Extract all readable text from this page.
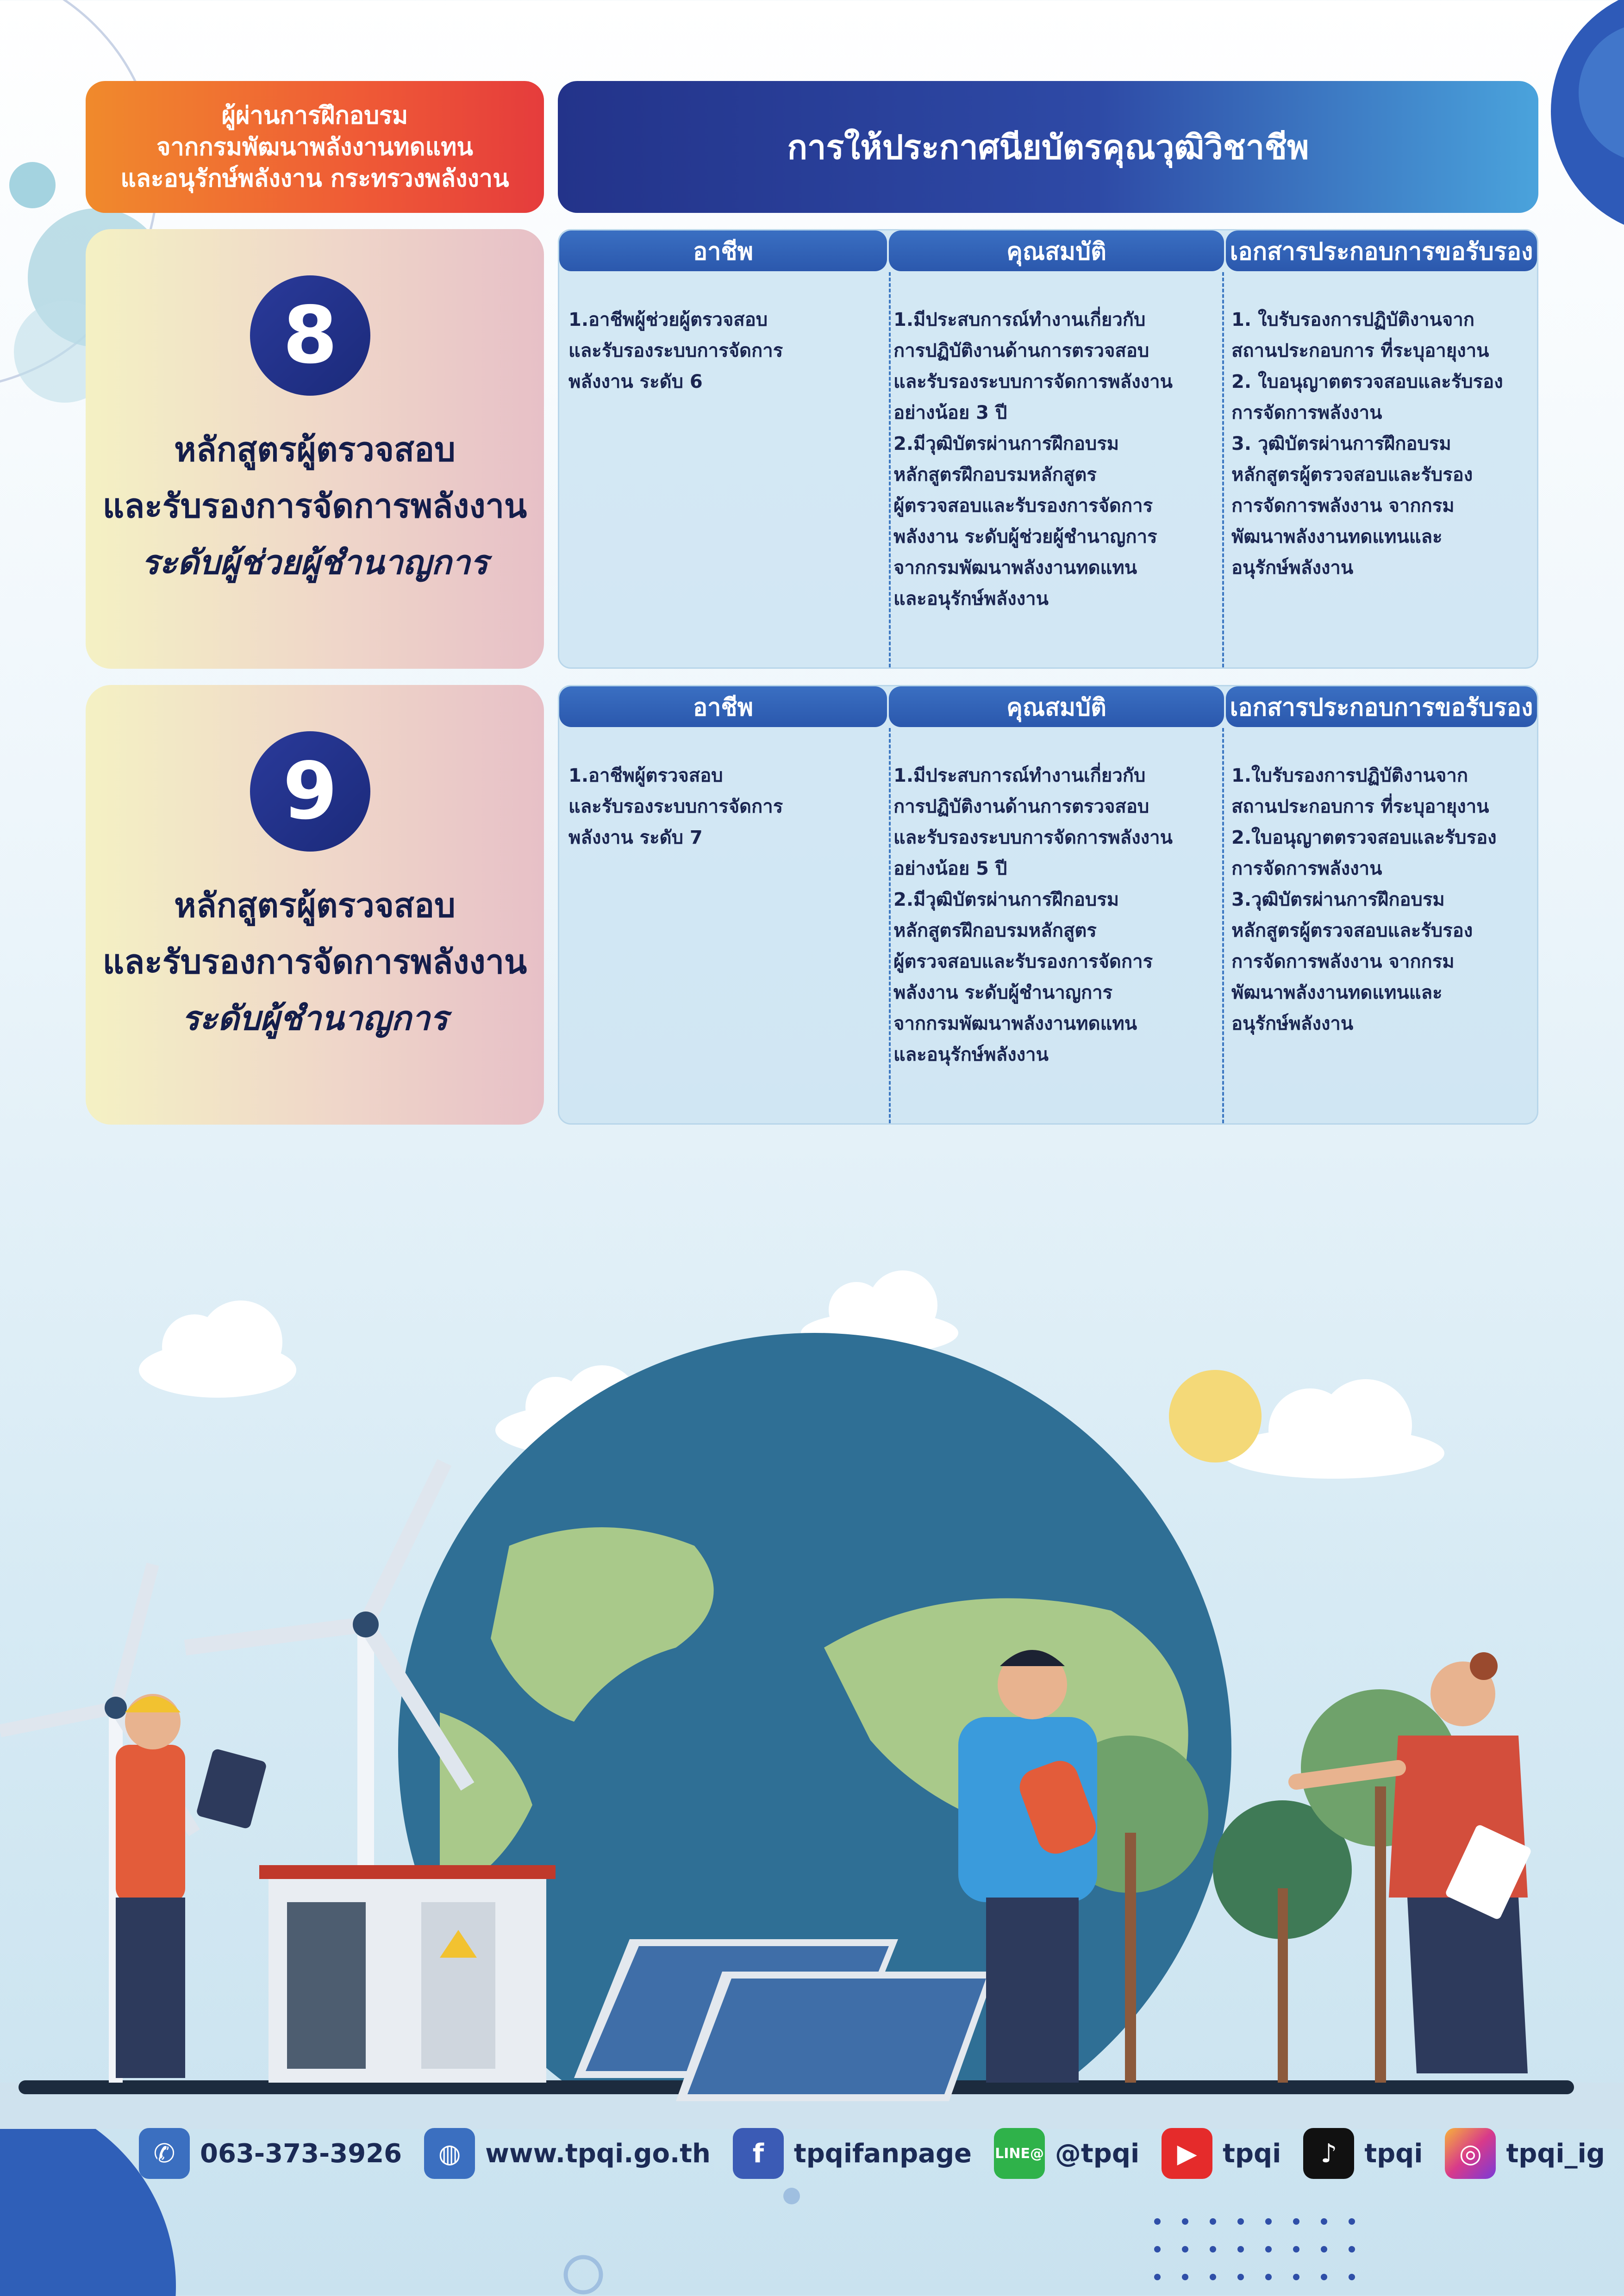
ผู้ผ่านการฝึกอบรม
จากกรมพัฒนาพลังงานทดแทน
และอนุรักษ์พลังงาน กระทรวงพลังงาน
การให้ประกาศนียบัตรคุณวุฒิวิชาชีพ
8
หลักสูตรผู้ตรวจสอบ
และรับรองการจัดการพลังงาน
ระดับผู้ช่วยผู้ชำนาญการ
อาชีพ	คุณสมบัติ	เอกสารประกอบการขอรับรอง
1.อาชีพผู้ช่วยผู้ตรวจสอบ
และรับรองระบบการจัดการ
พลังงาน ระดับ 6
1.มีประสบการณ์ทำงานเกี่ยวกับ
การปฏิบัติงานด้านการตรวจสอบ
และรับรองระบบการจัดการพลังงาน
อย่างน้อย 3 ปี
2.มีวุฒิบัตรผ่านการฝึกอบรม
หลักสูตรฝึกอบรมหลักสูตร
ผู้ตรวจสอบและรับรองการจัดการ
พลังงาน ระดับผู้ช่วยผู้ชำนาญการ
จากกรมพัฒนาพลังงานทดแทน
และอนุรักษ์พลังงาน
1. ใบรับรองการปฏิบัติงานจาก
สถานประกอบการ ที่ระบุอายุงาน
2. ใบอนุญาตตรวจสอบและรับรอง
การจัดการพลังงาน
3. วุฒิบัตรผ่านการฝึกอบรม
หลักสูตรผู้ตรวจสอบและรับรอง
การจัดการพลังงาน จากกรม
พัฒนาพลังงานทดแทนและ
อนุรักษ์พลังงาน
9
หลักสูตรผู้ตรวจสอบ
และรับรองการจัดการพลังงาน
ระดับผู้ชำนาญการ
อาชีพ	คุณสมบัติ	เอกสารประกอบการขอรับรอง
1.อาชีพผู้ตรวจสอบ
และรับรองระบบการจัดการ
พลังงาน ระดับ 7
1.มีประสบการณ์ทำงานเกี่ยวกับ
การปฏิบัติงานด้านการตรวจสอบ
และรับรองระบบการจัดการพลังงาน
อย่างน้อย 5 ปี
2.มีวุฒิบัตรผ่านการฝึกอบรม
หลักสูตรฝึกอบรมหลักสูตร
ผู้ตรวจสอบและรับรองการจัดการ
พลังงาน ระดับผู้ชำนาญการ
จากกรมพัฒนาพลังงานทดแทน
และอนุรักษ์พลังงาน
1.ใบรับรองการปฏิบัติงานจาก
สถานประกอบการ ที่ระบุอายุงาน
2.ใบอนุญาตตรวจสอบและรับรอง
การจัดการพลังงาน
3.วุฒิบัตรผ่านการฝึกอบรม
หลักสูตรผู้ตรวจสอบและรับรอง
การจัดการพลังงาน จากกรม
พัฒนาพลังงานทดแทนและ
อนุรักษ์พลังงาน
✆ 063-373-3926	◍ www.tpqi.go.th	f	tpqifanpage LINE@ @tpqi	▶ tpqi	♪	tpqi	◎ tpqi_ig
